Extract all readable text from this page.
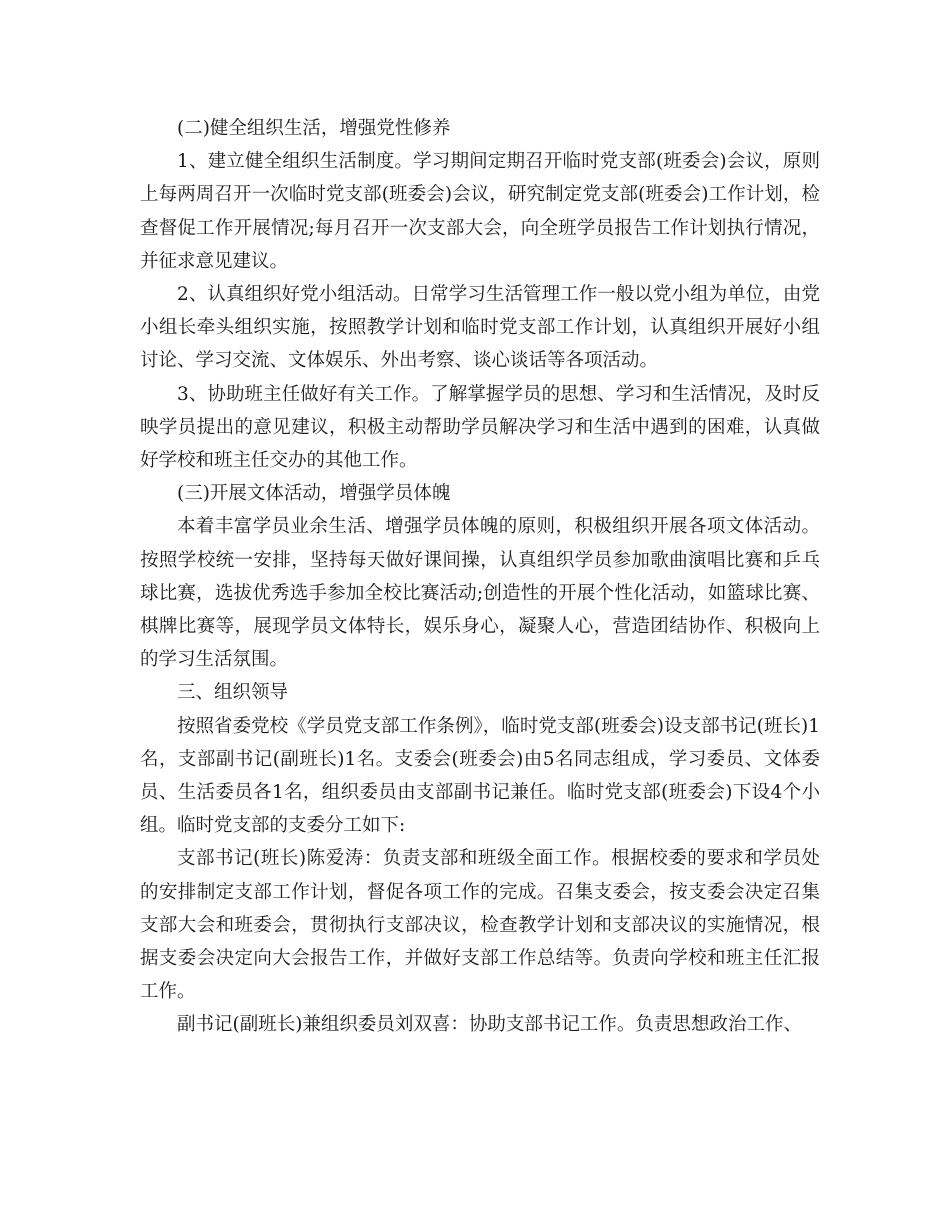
(二)健全组织生活，增强党性修养

1、建立健全组织生活制度。学习期间定期召开临时党支部(班委会)会议，原则上每两周召开一次临时党支部(班委会)会议，研究制定党支部(班委会)工作计划，检查督促工作开展情况;每月召开一次支部大会，向全班学员报告工作计划执行情况，并征求意见建议。

2、认真组织好党小组活动。日常学习生活管理工作一般以党小组为单位，由党小组长牵头组织实施，按照教学计划和临时党支部工作计划，认真组织开展好小组讨论、学习交流、文体娱乐、外出考察、谈心谈话等各项活动。

3、协助班主任做好有关工作。了解掌握学员的思想、学习和生活情况，及时反映学员提出的意见建议，积极主动帮助学员解决学习和生活中遇到的困难，认真做好学校和班主任交办的其他工作。

(三)开展文体活动，增强学员体魄

本着丰富学员业余生活、增强学员体魄的原则，积极组织开展各项文体活动。按照学校统一安排，坚持每天做好课间操，认真组织学员参加歌曲演唱比赛和乒乓球比赛，选拔优秀选手参加全校比赛活动;创造性的开展个性化活动，如篮球比赛、棋牌比赛等，展现学员文体特长，娱乐身心，凝聚人心，营造团结协作、积极向上的学习生活氛围。

三、组织领导

按照省委党校《学员党支部工作条例》，临时党支部(班委会)设支部书记(班长)1名，支部副书记(副班长)1名。支委会(班委会)由5名同志组成，学习委员、文体委员、生活委员各1名，组织委员由支部副书记兼任。临时党支部(班委会)下设4个小组。临时党支部的支委分工如下:

支部书记(班长)陈爱涛：负责支部和班级全面工作。根据校委的要求和学员处的安排制定支部工作计划，督促各项工作的完成。召集支委会，按支委会决定召集支部大会和班委会，贯彻执行支部决议，检查教学计划和支部决议的实施情况，根据支委会决定向大会报告工作，并做好支部工作总结等。负责向学校和班主任汇报工作。

副书记(副班长)兼组织委员刘双喜：协助支部书记工作。负责思想政治工作、
